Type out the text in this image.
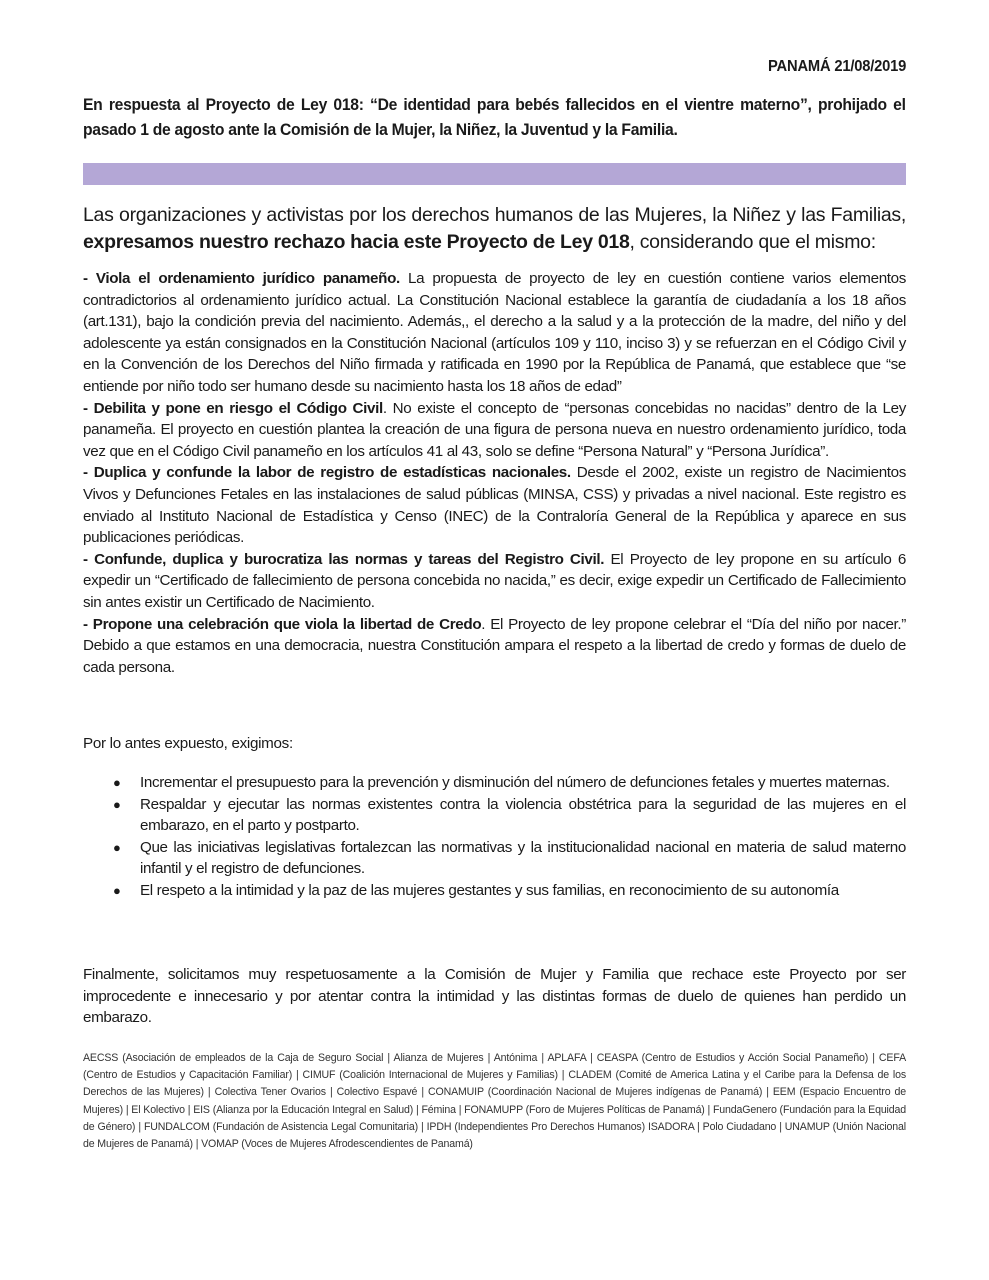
PANAMÁ 21/08/2019
En respuesta al Proyecto de Ley 018: “De identidad para bebés fallecidos en el vientre materno”, prohijado el pasado 1 de agosto ante la Comisión de la Mujer, la Niñez, la Juventud y la Familia.
Las organizaciones y activistas por los derechos humanos de las Mujeres, la Niñez y las Familias, expresamos nuestro rechazo hacia este Proyecto de Ley 018, considerando que el mismo:

- Viola el ordenamiento jurídico panameño. La propuesta de proyecto de ley en cuestión contiene varios elementos contradictorios al ordenamiento jurídico actual. La Constitución Nacional establece la garantía de ciudadanía a los 18 años (art.131), bajo la condición previa del nacimiento. Además,, el derecho a la salud y a la protección de la madre, del niño y del adolescente ya están consignados en la Constitución Nacional (artículos 109 y 110, inciso 3) y se refuerzan en el Código Civil y en la Convención de los Derechos del Niño firmada y ratificada en 1990 por la República de Panamá, que establece que “se entiende por niño todo ser humano desde su nacimiento hasta los 18 años de edad”

- Debilita y pone en riesgo el Código Civil. No existe el concepto de “personas concebidas no nacidas” dentro de la Ley panameña. El proyecto en cuestión plantea la creación de una figura de persona nueva en nuestro ordenamiento jurídico, toda vez que en el Código Civil panameño en los artículos 41 al 43, solo se define “Persona Natural” y “Persona Jurídica”.

- Duplica y confunde la labor de registro de estadísticas nacionales. Desde el 2002, existe un registro de Nacimientos Vivos y Defunciones Fetales en las instalaciones de salud públicas (MINSA, CSS) y privadas a nivel nacional. Este registro es enviado al Instituto Nacional de Estadística y Censo (INEC) de la Contraloría General de la República y aparece en sus publicaciones periódicas.

- Confunde, duplica y burocratiza las normas y tareas del Registro Civil. El Proyecto de ley propone en su artículo 6 expedir un “Certificado de fallecimiento de persona concebida no nacida,” es decir, exige expedir un Certificado de Fallecimiento sin antes existir un Certificado de Nacimiento.

- Propone una celebración que viola la libertad de Credo. El Proyecto de ley propone celebrar el “Día del niño por nacer.” Debido a que estamos en una democracia, nuestra Constitución ampara el respeto a la libertad de credo y formas de duelo de cada persona.

Por lo antes expuesto, exigimos:
● Incrementar el presupuesto para la prevención y disminución del número de defunciones fetales y muertes maternas.
● Respaldar y ejecutar las normas existentes contra la violencia obstétrica para la seguridad de las mujeres en el embarazo, en el parto y postparto.
● Que las iniciativas legislativas fortalezcan las normativas y la institucionalidad nacional en materia de salud materno infantil y el registro de defunciones.
● El respeto a la intimidad y la paz de las mujeres gestantes y sus familias, en reconocimiento de su autonomía
Finalmente, solicitamos muy respetuosamente a la Comisión de Mujer y Familia que rechace este Proyecto por ser improcedente e innecesario y por atentar contra la intimidad y las distintas formas de duelo de quienes han perdido un embarazo.
AECSS (Asociación de empleados de la Caja de Seguro Social | Alianza de Mujeres | Antónima | APLAFA | CEASPA (Centro de Estudios y Acción Social Panameño) | CEFA (Centro de Estudios y Capacitación Familiar) | CIMUF (Coalición Internacional de Mujeres y Familias) | CLADEM (Comité de America Latina y el Caribe para la Defensa de los Derechos de las Mujeres) | Colectiva Tener Ovarios | Colectivo Espavé | CONAMUIP (Coordinación Nacional de Mujeres indígenas de Panamá) | EEM (Espacio Encuentro de Mujeres) | El Kolectivo | EIS (Alianza por la Educación Integral en Salud) | Fémina | FONAMUPP (Foro de Mujeres Políticas de Panamá) | FundaGenero (Fundación para la Equidad de Género) | FUNDALCOM (Fundación de Asistencia Legal Comunitaria) | IPDH (Independientes Pro Derechos Humanos) ISADORA | Polo Ciudadano | UNAMUP (Unión Nacional de Mujeres de Panamá) | VOMAP (Voces de Mujeres Afrodescendientes de Panamá)
